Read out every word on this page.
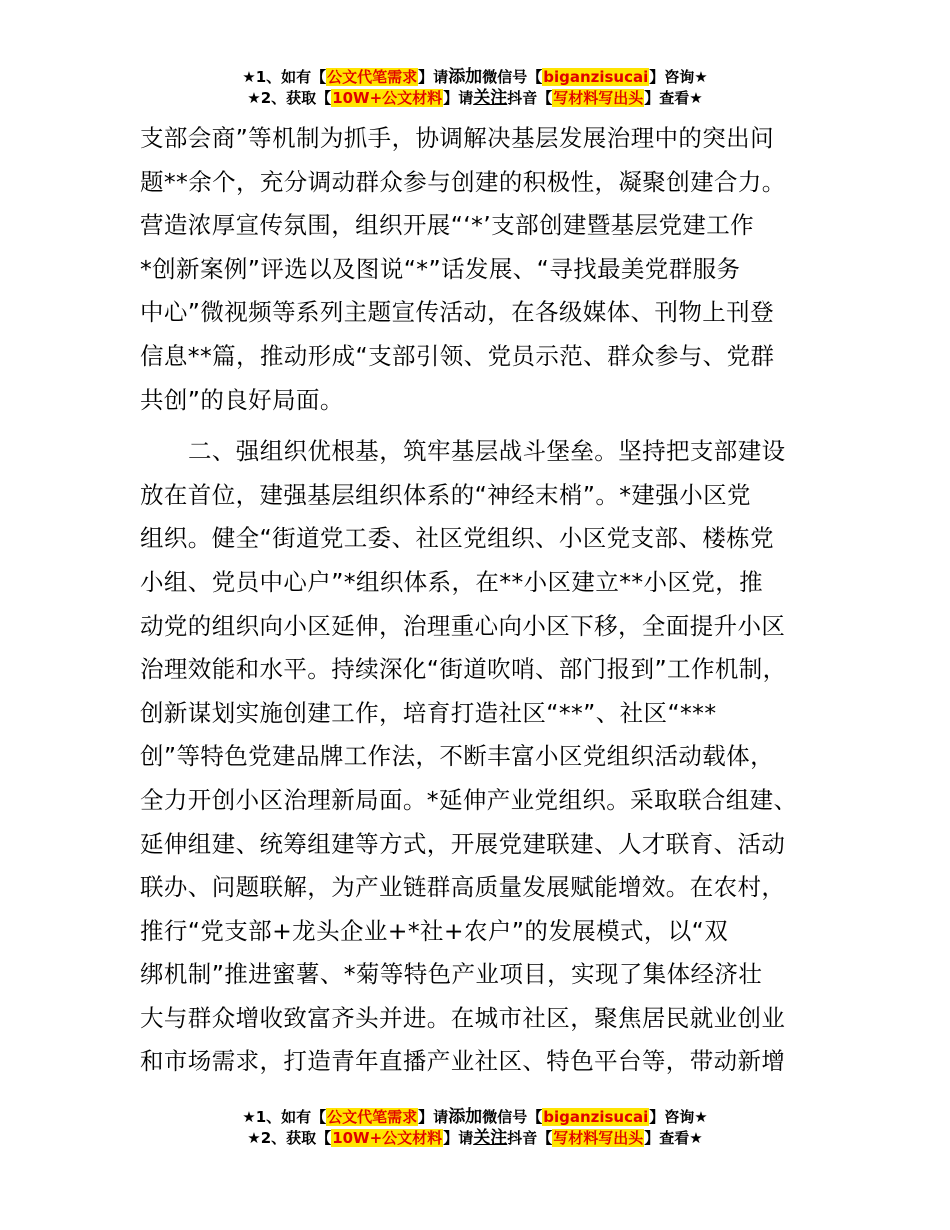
★1、如有【公文代笔需求】请添加微信号【biganzisucai】咨询★
★2、获取【10W+公文材料】请关注抖音【写材料写出头】查看★
支部会商”等机制为抓手，协调解决基层发展治理中的突出问
题**余个，充分调动群众参与创建的积极性，凝聚创建合力。
营造浓厚宣传氛围，组织开展“‘*’支部创建暨基层党建工作
*创新案例”评选以及图说“*”话发展、“寻找最美党群服务
中心”微视频等系列主题宣传活动，在各级媒体、刊物上刊登
信息**篇，推动形成“支部引领、党员示范、群众参与、党群
共创”的良好局面。
二、强组织优根基，筑牢基层战斗堡垒。坚持把支部建设
放在首位，建强基层组织体系的“神经末梢”。*建强小区党
组织。健全“街道党工委、社区党组织、小区党支部、楼栋党
小组、党员中心户”*组织体系，在**小区建立**小区党，推
动党的组织向小区延伸，治理重心向小区下移，全面提升小区
治理效能和水平。持续深化“街道吹哨、部门报到”工作机制，
创新谋划实施创建工作，培育打造社区“**”、社区“***
创”等特色党建品牌工作法，不断丰富小区党组织活动载体，
全力开创小区治理新局面。*延伸产业党组织。采取联合组建、
延伸组建、统筹组建等方式，开展党建联建、人才联育、活动
联办、问题联解，为产业链群高质量发展赋能增效。在农村，
推行“党支部+龙头企业+*社+农户”的发展模式，以“双
绑机制”推进蜜薯、*菊等特色产业项目，实现了集体经济壮
大与群众增收致富齐头并进。在城市社区，聚焦居民就业创业
和市场需求，打造青年直播产业社区、特色平台等，带动新增
★1、如有【公文代笔需求】请添加微信号【biganzisucai】咨询★
★2、获取【10W+公文材料】请关注抖音【写材料写出头】查看★
